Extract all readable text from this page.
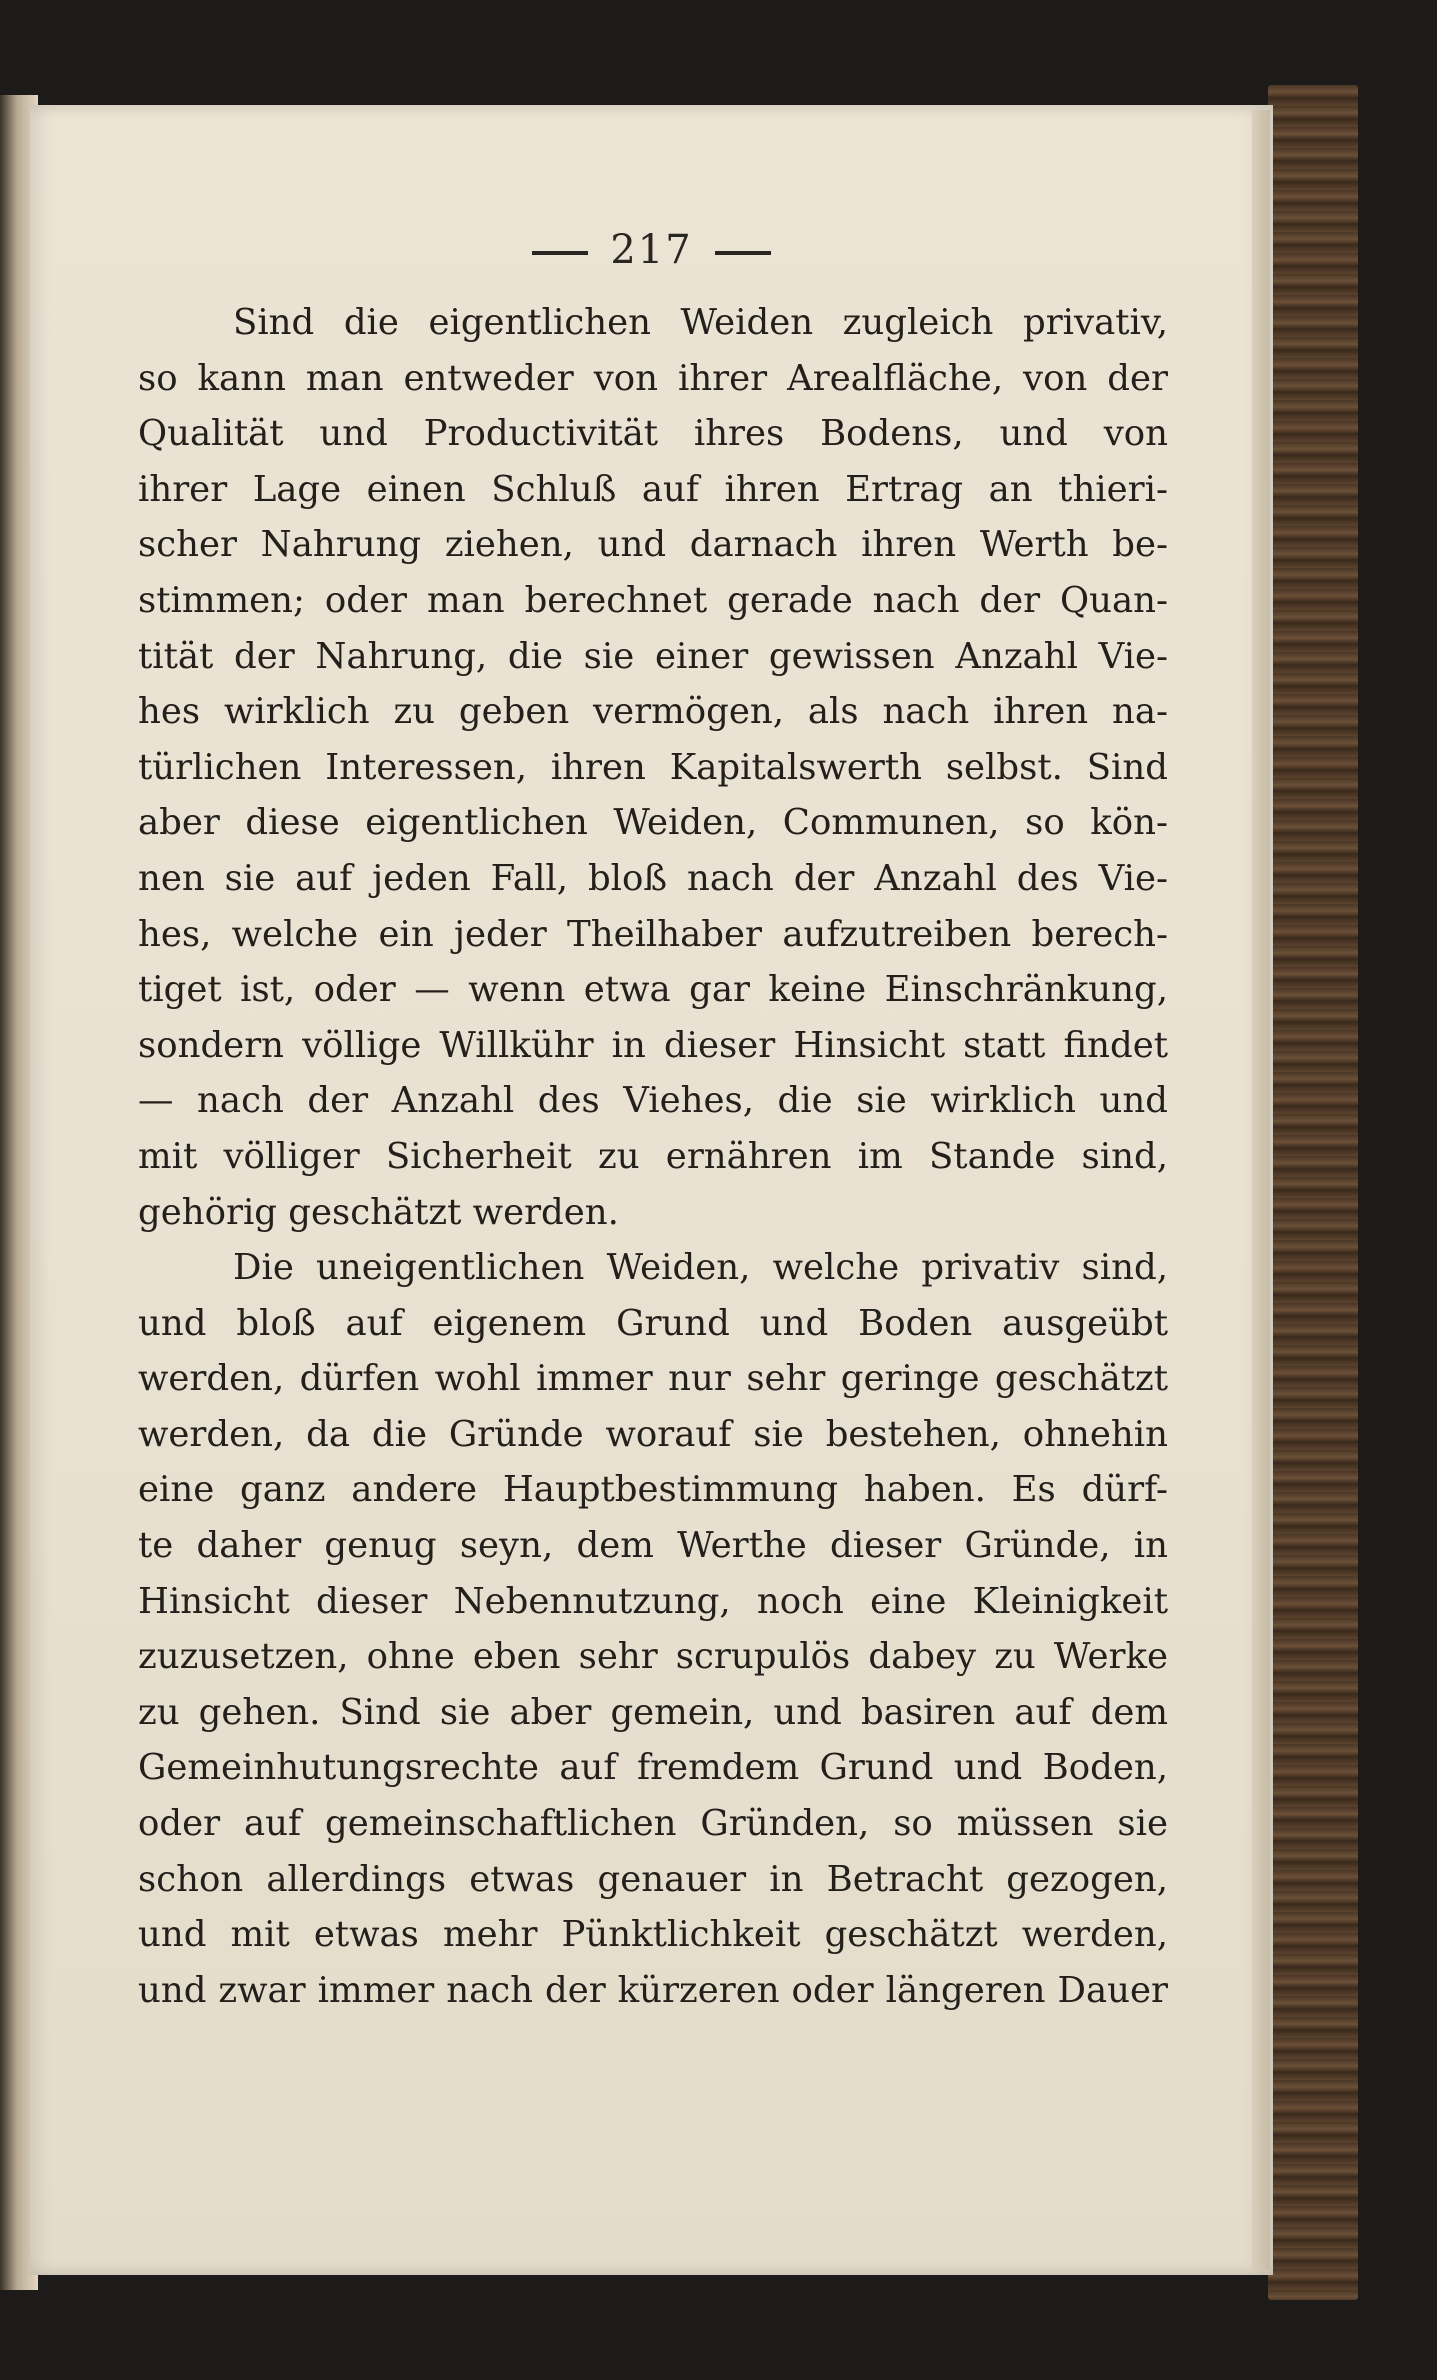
217
Sind die eigentlichen Weiden zugleich privativ,
so kann man entweder von ihrer Arealfläche, von der
Qualität und Productivität ihres Bodens, und von
ihrer Lage einen Schluß auf ihren Ertrag an thieri-
scher Nahrung ziehen, und darnach ihren Werth be-
stimmen; oder man berechnet gerade nach der Quan-
tität der Nahrung, die sie einer gewissen Anzahl Vie-
hes wirklich zu geben vermögen, als nach ihren na-
türlichen Interessen, ihren Kapitalswerth selbst. Sind
aber diese eigentlichen Weiden, Communen, so kön-
nen sie auf jeden Fall, bloß nach der Anzahl des Vie-
hes, welche ein jeder Theilhaber aufzutreiben berech-
tiget ist, oder — wenn etwa gar keine Einschränkung,
sondern völlige Willkühr in dieser Hinsicht statt findet
— nach der Anzahl des Viehes, die sie wirklich und
mit völliger Sicherheit zu ernähren im Stande sind,
gehörig geschätzt werden.
Die uneigentlichen Weiden, welche privativ sind,
und bloß auf eigenem Grund und Boden ausgeübt
werden, dürfen wohl immer nur sehr geringe geschätzt
werden, da die Gründe worauf sie bestehen, ohnehin
eine ganz andere Hauptbestimmung haben. Es dürf-
te daher genug seyn, dem Werthe dieser Gründe, in
Hinsicht dieser Nebennutzung, noch eine Kleinigkeit
zuzusetzen, ohne eben sehr scrupulös dabey zu Werke
zu gehen. Sind sie aber gemein, und basiren auf dem
Gemeinhutungsrechte auf fremdem Grund und Boden,
oder auf gemeinschaftlichen Gründen, so müssen sie
schon allerdings etwas genauer in Betracht gezogen,
und mit etwas mehr Pünktlichkeit geschätzt werden,
und zwar immer nach der kürzeren oder längeren Dauer
